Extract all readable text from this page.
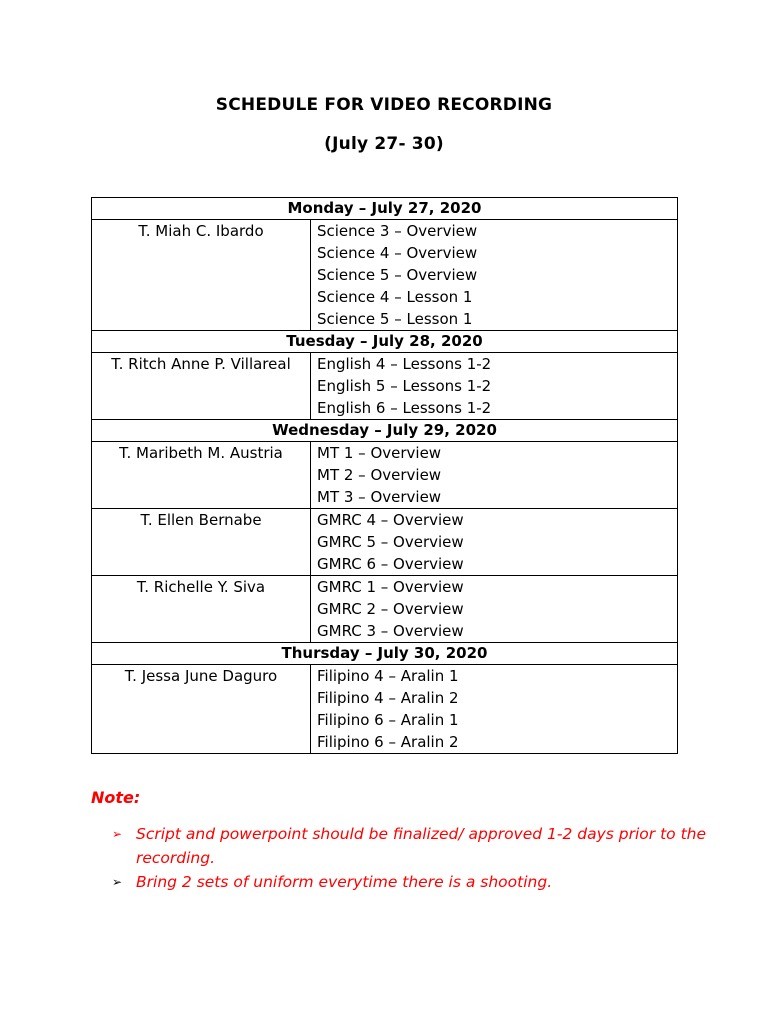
SCHEDULE FOR VIDEO RECORDING
(July 27- 30)
Monday – July 27, 2020	
T. Miah C. Ibardo	Science 3 – Overview
Science 4 – Overview
Science 5 – Overview
Science 4 – Lesson 1
Science 5 – Lesson 1

Tuesday – July 28, 2020	
T. Ritch Anne P. Villareal	English 4 – Lessons 1-2
English 5 – Lessons 1-2
English 6 – Lessons 1-2

Wednesday – July 29, 2020	
T. Maribeth M. Austria	MT 1 – Overview
MT 2 – Overview
MT 3 – Overview

T. Ellen Bernabe	GMRC 4 – Overview
GMRC 5 – Overview
GMRC 6 – Overview

T. Richelle Y. Siva	GMRC 1 – Overview
GMRC 2 – Overview
GMRC 3 – Overview

Thursday – July 30, 2020	
T. Jessa June Daguro	Filipino 4 – Aralin 1
Filipino 4 – Aralin 2
Filipino 6 – Aralin 1
Filipino 6 – Aralin 2
Note:
➢ Script and powerpoint should be finalized/ approved 1-2 days prior to the recording.
➢ Bring 2 sets of uniform everytime there is a shooting.
